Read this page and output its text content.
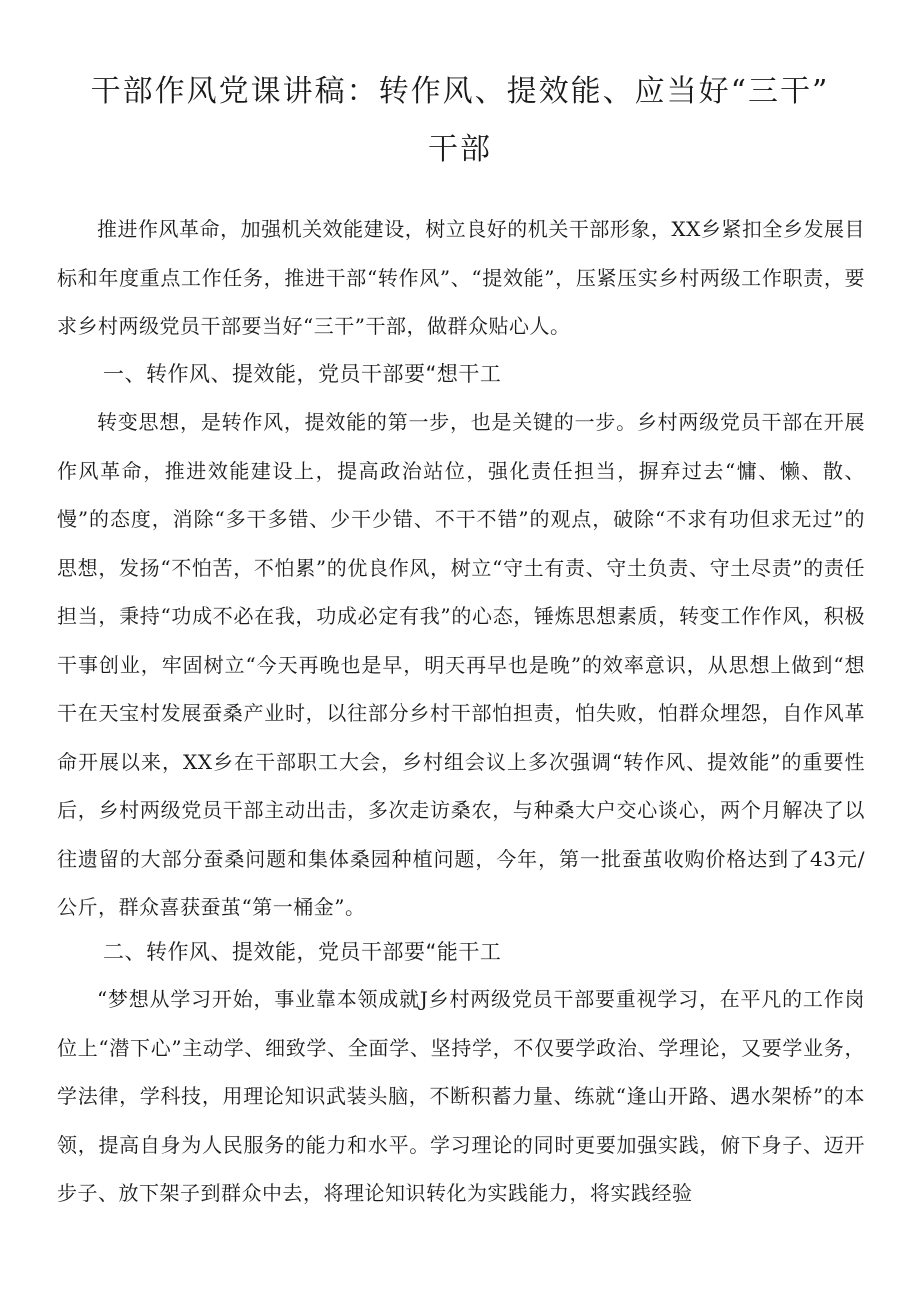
干部作风党课讲稿：转作风、提效能、应当好“三干”
干部

推进作风革命，加强机关效能建设，树立良好的机关干部形象，XX乡紧扣全乡发展目标和年度重点工作任务，推进干部“转作风”、“提效能”，压紧压实乡村两级工作职责，要求乡村两级党员干部要当好“三干”干部，做群众贴心人。

一、转作风、提效能，党员干部要“想干工

转变思想，是转作风，提效能的第一步，也是关键的一步。乡村两级党员干部在开展作风革命，推进效能建设上，提高政治站位，强化责任担当，摒弃过去“慵、懒、散、慢”的态度，消除“多干多错、少干少错、不干不错”的观点，破除“不求有功但求无过”的思想，发扬“不怕苦，不怕累”的优良作风，树立“守土有责、守土负责、守土尽责”的责任担当，秉持“功成不必在我，功成必定有我”的心态，锤炼思想素质，转变工作作风，积极干事创业，牢固树立“今天再晚也是早，明天再早也是晚”的效率意识，从思想上做到“想干在天宝村发展蚕桑产业时，以往部分乡村干部怕担责，怕失败，怕群众埋怨，自作风革命开展以来，XX乡在干部职工大会，乡村组会议上多次强调“转作风、提效能”的重要性后，乡村两级党员干部主动出击，多次走访桑农，与种桑大户交心谈心，两个月解决了以往遗留的大部分蚕桑问题和集体桑园种植问题，今年，第一批蚕茧收购价格达到了43元/公斤，群众喜获蚕茧“第一桶金”。

二、转作风、提效能，党员干部要“能干工

“梦想从学习开始，事业靠本领成就J乡村两级党员干部要重视学习，在平凡的工作岗位上“潜下心”主动学、细致学、全面学、坚持学，不仅要学政治、学理论，又要学业务，学法律，学科技，用理论知识武装头脑，不断积蓄力量、练就“逢山开路、遇水架桥”的本领，提高自身为人民服务的能力和水平。学习理论的同时更要加强实践，俯下身子、迈开步子、放下架子到群众中去，将理论知识转化为实践能力，将实践经验
